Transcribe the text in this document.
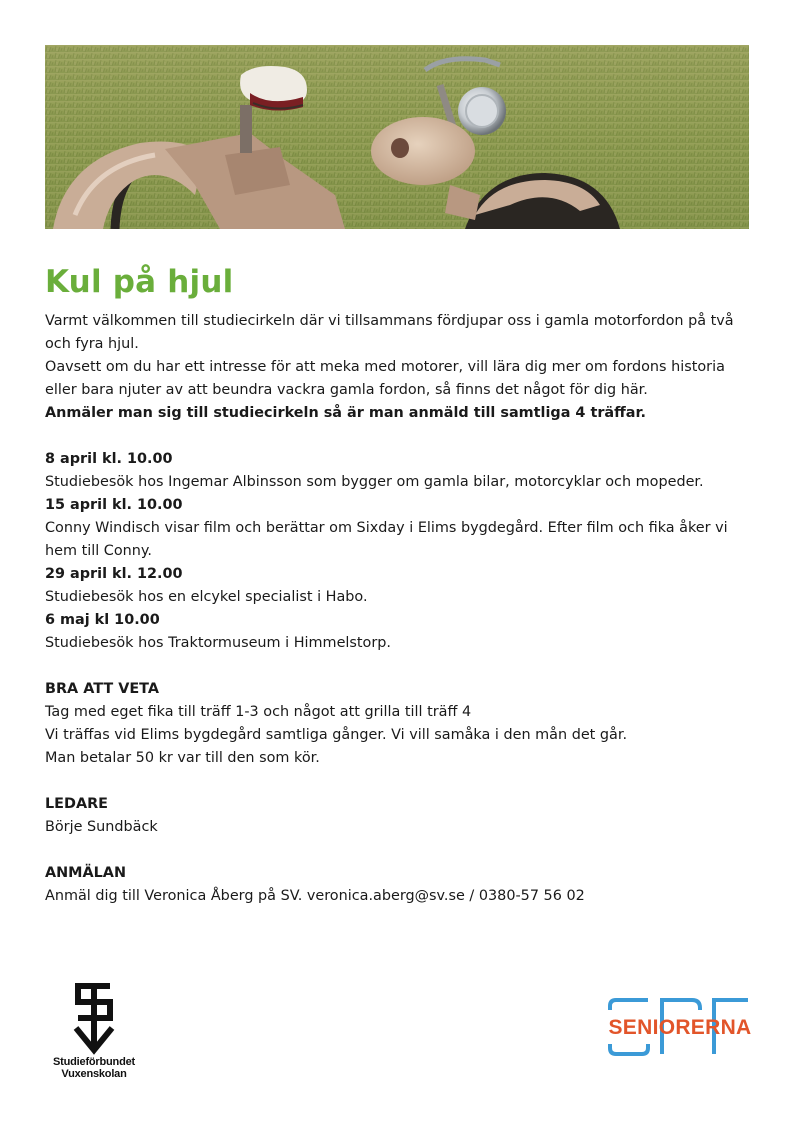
Kul på hjul

Varmt välkommen till studiecirkeln där vi tillsammans fördjupar oss i gamla motorfordon på två och fyra hjul.

Oavsett om du har ett intresse för att meka med motorer, vill lära dig mer om fordons historia eller bara njuter av att beundra vackra gamla fordon, så finns det något för dig här.

Anmäler man sig till studiecirkeln så är man anmäld till samtliga 4 träffar.

8 april kl. 10.00

Studiebesök hos Ingemar Albinsson som bygger om gamla bilar, motorcyklar och mopeder.

15 april kl. 10.00

Conny Windisch visar film och berättar om Sixday i Elims bygdegård. Efter film och fika åker vi hem till Conny.

29 april kl. 12.00

Studiebesök hos en elcykel specialist i Habo.

6 maj kl 10.00

Studiebesök hos Traktormuseum i Himmelstorp.

BRA ATT VETA

Tag med eget fika till träff 1-3 och något att grilla till träff 4

Vi träffas vid Elims bygdegård samtliga gånger. Vi vill samåka i den mån det går.

Man betalar 50 kr var till den som kör.

LEDARE

Börje Sundbäck

ANMÄLAN

Anmäl dig till Veronica Åberg på SV. veronica.aberg@sv.se / 0380-57 56 02

Studieförbundet
Vuxenskolan
SENIORERNA
